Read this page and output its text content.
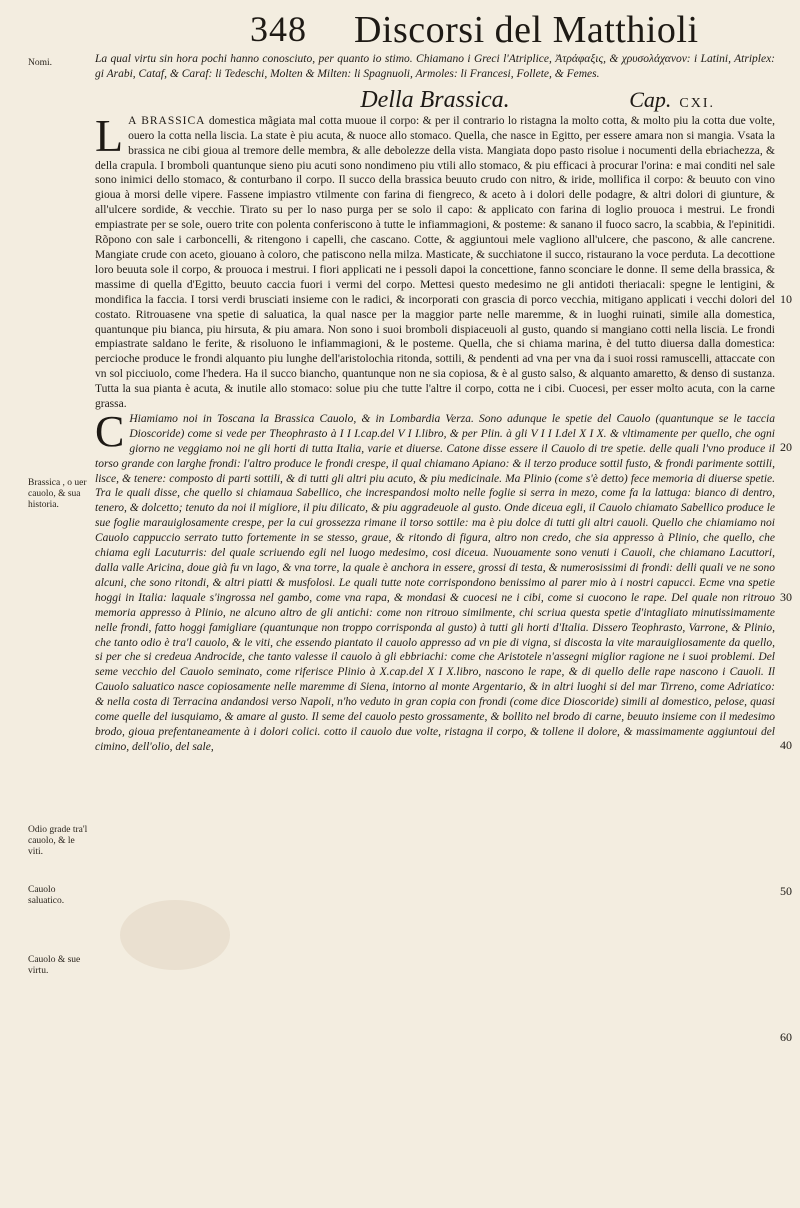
348 Discorsi del Matthioli
Nomi.
Brassica , o uer cauolo, & sua historia.
Odio grade tra'l cauolo, & le viti.
Cauolo saluatico.
Cauolo & sue virtu.
10
20
30
40
50
60

La qual virtu sin hora pochi hanno conosciuto, per quanto io stimo. Chiamano i Greci l'Atriplice, Ἀτράφαξις, & χρυσολάχανον: i Latini, Atriplex: gi Arabi, Cataf, & Caraf: li Tedeschi, Molten & Milten: li Spagnuoli, Armoles: li Francesi, Follete, & Femes.

Della Brassica.	Cap. CXI.

L A BRASSICA domestica mãgiata mal cotta muoue il corpo: & per il contrario lo ristagna la molto cotta, & molto piu la cotta due volte, ouero la cotta nella lisciа. La state è piu acuta, & nuoce allo stomaco. Quella, che nasce in Egitto, per essere amara non si mangia. Vsata la brassica ne cibi gioua al tremore delle membra, & alle debolezze della vista. Mangiata dopo pasto risolue i nocumenti della ebriachezza, & della crapula. I bromboli quantunque sieno piu acuti sono nondimeno piu vtili allo stomaco, & piu efficaci à procurar l'orina: e mai conditi nel sale sono inimici dello stomaco, & conturbano il corpo. Il succo della brassica beuuto crudo con nitro, & iride, mollifica il corpo: & beuuto con vino gioua à morsi delle vipere. Fassene impiastro vtilmente con farina di fiengreco, & aceto à i dolori delle podagre, & altri dolori di giunture, & all'ulcere sordide, & vecchie. Tirato su per lo naso purga per se solo il capo: & applicato con farina di loglio prouoca i mestrui. Le frondi empiastrate per se sole, ouero trite con polenta conferiscono à tutte le infiammagioni, & posteme: & sanano il fuoco sacro, la scabbia, & l'epinitidi. Rõpono con sale i carboncelli, & ritengono i capelli, che cascano. Cotte, & aggiuntoui mele vagliono all'ulcere, che pascono, & alle cancrene. Mangiate crude con aceto, giouano à coloro, che patiscono nella milza. Masticate, & succhiatone il succo, ristaurano la voce perduta. La decottione loro beuuta sole il corpo, & prouoca i mestrui. I fiori applicati ne i pessoli dapoi la concettione, fanno sconciare le donne. Il seme della brassica, & massime di quella d'Egitto, beuuto caccia fuori i vermi del corpo. Mettesi questo medesimo ne gli antidoti theriacali: spegne le lentigini, & mondifica la faccia. I torsi verdi brusciati insieme con le radici, & incorporati con grascia di porco vecchia, mitigano applicati i vecchi dolori del costato. Ritrouasene vna spetie di saluatica, la qual nasce per la maggior parte nelle maremme, & in luoghi ruinati, simile alla domestica, quantunque piu bianca, piu hirsuta, & piu amara. Non sono i suoi bromboli dispiaceuoli al gusto, quando si mangiano cotti nella liscia. Le frondi empiastrate saldano le ferite, & risoluono le infiammagioni, & le posteme. Quella, che si chiama marina, è del tutto diuersa dalla domestica: percioche produce le frondi alquanto piu lunghe dell'aristolochia ritonda, sottili, & pendenti ad vna per vna da i suoi rossi ramuscelli, attaccate con vn sol picciuolo, come l'hedera. Ha il succo biancho, quantunque non ne sia copiosa, & è al gusto salso, & alquanto amaretto, & denso di sustanza. Tutta la sua pianta è acuta, & inutile allo stomaco: solue piu che tutte l'altre il corpo, cotta ne i cibi. Cuocesi, per esser molto acuta, con la carne grassa.

C Hiamiamo noi in Toscana la Brassica Cauolo, & in Lombardia Verza. Sono adunque le spetie del Cauolo (quantunque se le taccia Dioscoride) come si vede per Theophrasto à I I I.cap.del V I I.libro, & per Plin. à gli V I I I.del X I X. & vltimamente per quello, che ogni giorno ne veggiamo noi ne gli horti di tutta Italia, varie et diuerse. Catone disse essere il Cauolo di tre spetie. delle quali l'vno produce il torso grande con larghe frondi: l'altro produce le frondi crespe, il qual chiamano Apiano: & il terzo produce sottil fusto, & frondi parimente sottili, lisce, & tenere: composto di parti sottili, & di tutti gli altri piu acuto, & piu medicinale. Ma Plinio (come s'è detto) fece memoria di diuerse spetie. Tra le quali disse, che quello si chiamaua Sabellico, che increspandosi molto nelle foglie si serra in mezo, come fa la lattuga: bianco di dentro, tenero, & dolcetto; tenuto da noi il migliore, il piu dilicato, & piu aggradeuole al gusto. Onde diceua egli, il Cauolo chiamato Sabellico produce le sue foglie marauiglosamente crespe, per la cui grossezza rimane il torso sottile: ma è piu dolce di tutti gli altri cauoli. Quello che chiamiamo noi Cauolo cappuccio serrato tutto fortemente in se stesso, graue, & ritondo di figura, altro non credo, che sia appresso à Plinio, che quello, che chiama egli Lacuturris: del quale scriuendo egli nel luogo medesimo, cosi diceua. Nuouamente sono venuti i Cauoli, che chiamano Lacuttori, dalla valle Aricina, doue già fu vn lago, & vna torre, la quale è anchora in essere, grossi di testa, & numerosissimi di frondi: delli quali ve ne sono alcuni, che sono ritondi, & altri piatti & musfolosi. Le quali tutte note corrispondono benissimo al parer mio à i nostri capucci. Ecme vna spetie hoggi in Italia: laquale s'ingrossa nel gambo, come vna rapa, & mondasi & cuocesi ne i cibi, come si cuocono le rape. Del quale non ritrouo memoria appresso à Plinio, ne alcuno altro de gli antichi: come non ritrouo similmente, chi scriua questa spetie d'intagliato minutissimamente nelle frondi, fatto hoggi famigliare (quantunque non troppo corrisponda al gusto) à tutti gli horti d'Italia. Dissero Teophrasto, Varrone, & Plinio, che tanto odio è tra'l cauolo, & le viti, che essendo piantato il cauolo appresso ad vn pie di vigna, si discosta la vite marauigliosamente da quello, si per che si credeua Androcide, che tanto valesse il cauolo à gli ebbriachi: come che Aristotele n'assegni miglior ragione ne i suoi problemi. Del seme vecchio del Cauolo seminato, come riferisce Plinio à X.cap.del X I X.libro, nascono le rape, & di quello delle rape nascono i Cauoli. Il Cauolo saluatico nasce copiosamente nelle maremme di Siena, intorno al monte Argentario, & in altri luoghi si del mar Tirreno, come Adriatico: & nella costa di Terracina andandosi verso Napoli, n'ho veduto in gran copia con frondi (come dice Dioscoride) simili al domestico, pelose, quasi come quelle del iusquiamo, & amare al gusto. Il seme del cauolo pesto grossamente, & bollito nel brodo di carne, beuuto insieme con il medesimo brodo, gioua prefentaneamente à i dolori colici. cotto il cauolo due volte, ristagna il corpo, & tollene il dolore, & massimamente aggiuntoui del cimino, dell'olio, del sale,
